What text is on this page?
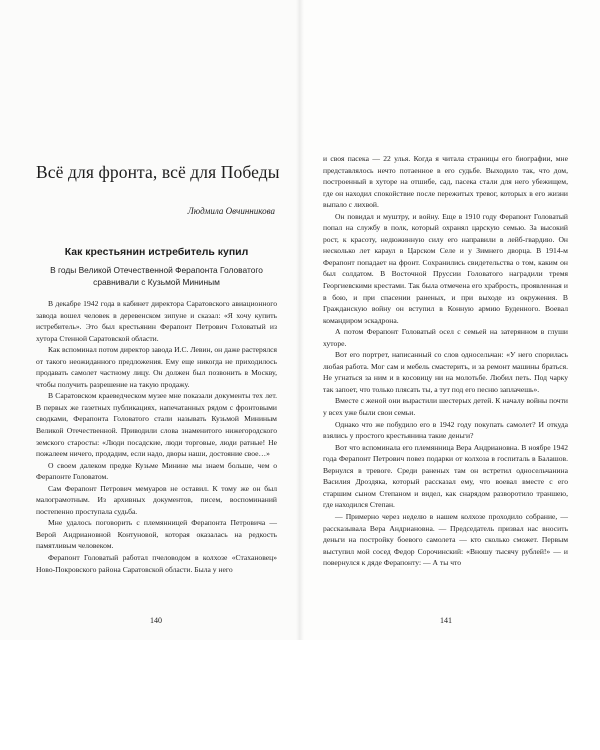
Всё для фронта, всё для Победы
Людмила Овчинникова
Как крестьянин истребитель купил
В годы Великой Отечественной Ферапонта Головатого сравнивали с Кузьмой Мининым

В декабре 1942 года в кабинет директора Саратовского авиационного завода вошел человек в деревенском зипуне и сказал: «Я хочу купить истребитель». Это был крестьянин Ферапонт Петрович Головатый из хутора Стенной Саратовской области.

Как вспоминал потом директор завода И.С. Левин, он даже растерялся от такого неожиданного предложения. Ему еще никогда не приходилось продавать самолет частному лицу. Он должен был позвонить в Москву, чтобы получить разрешение на такую продажу.

В Саратовском краеведческом музее мне показали документы тех лет. В первых же газетных публикациях, напечатанных рядом с фронтовыми сводками, Ферапонта Головатого стали называть Кузьмой Мининым Великой Отечественной. Приводили слова знаменитого нижегородского земского старосты: «Люди посадские, люди торговые, люди ратные! Не пожалеем ничего, продадим, если надо, дворы наши, достояние свое…»

О своем далеком предке Кузьме Минине мы знаем больше, чем о Ферапонте Головатом.

Сам Ферапонт Петрович мемуаров не оставил. К тому же он был малограмотным. Из архивных документов, писем, воспоминаний постепенно проступала судьба.

Мне удалось поговорить с племянницей Ферапонта Петровича — Верой Андриановной Контуновой, которая оказалась на редкость памятливым человеком.

Ферапонт Головатый работал пчеловодом в колхозе «Стахановец» Ново-Покровского района Саратовской области. Была у него

и своя пасека — 22 улья. Когда я читала страницы его биографии, мне представлялось нечто потаенное в его судьбе. Выходило так, что дом, построенный в хуторе на отшибе, сад, пасека стали для него убежищем, где он находил спокойствие после пережитых тревог, которых в его жизни выпало с лихвой.

Он повидал и муштру, и войну. Еще в 1910 году Ферапонт Головатый попал на службу в полк, который охранял царскую семью. За высокий рост, к красоту, недюжинную силу его направили в лейб-гвардию. Он несколько лет караул в Царском Селе и у Зимнего дворца. В 1914-м Ферапонт попадает на фронт. Сохранились свидетельства о том, каким он был солдатом. В Восточной Пруссии Головатого наградили тремя Георгиевскими крестами. Так была отмечена его храбрость, проявленная и в бою, и при спасении раненых, и при выходе из окружения. В Гражданскую войну он вступил в Конную армию Буденного. Воевал командиром эскадрона.

А потом Ферапонт Головатый осел с семьей на затерянном в глуши хуторе.

Вот его портрет, написанный со слов односельчан: «У него спорилась любая работа. Мог сам и мебель смастерить, и за ремонт машины браться. Не угнаться за ним и в косовицу ни на молотьбе. Любил петь. Под чарку так запоет, что только плясать ты, а тут под его песню заплачешь».

Вместе с женой они вырастили шестерых детей. К началу войны почти у всех уже были свои семьи.

Однако что же побудило его в 1942 году покупать самолет? И откуда взялись у простого крестьянина такие деньги?

Вот что вспоминала его племянница Вера Андриановна. В ноябре 1942 года Ферапонт Петрович повез подарки от колхоза в госпиталь в Балашов. Вернулся в тревоге. Среди раненых там он встретил односельчанина Василия Дроздяка, который рассказал ему, что воевал вместе с его старшим сыном Степаном и видел, как снарядом разворотило траншею, где находился Степан.

— Примерно через неделю в нашем колхозе проходило собрание, — рассказывала Вера Андриановна. — Председатель призвал нас вносить деньги на постройку боевого самолета — кто сколько сможет. Первым выступил мой сосед Федор Сорочинский: «Вношу тысячу рублей!» — и повернулся к дяде Ферапонту: — А ты что

140	141
